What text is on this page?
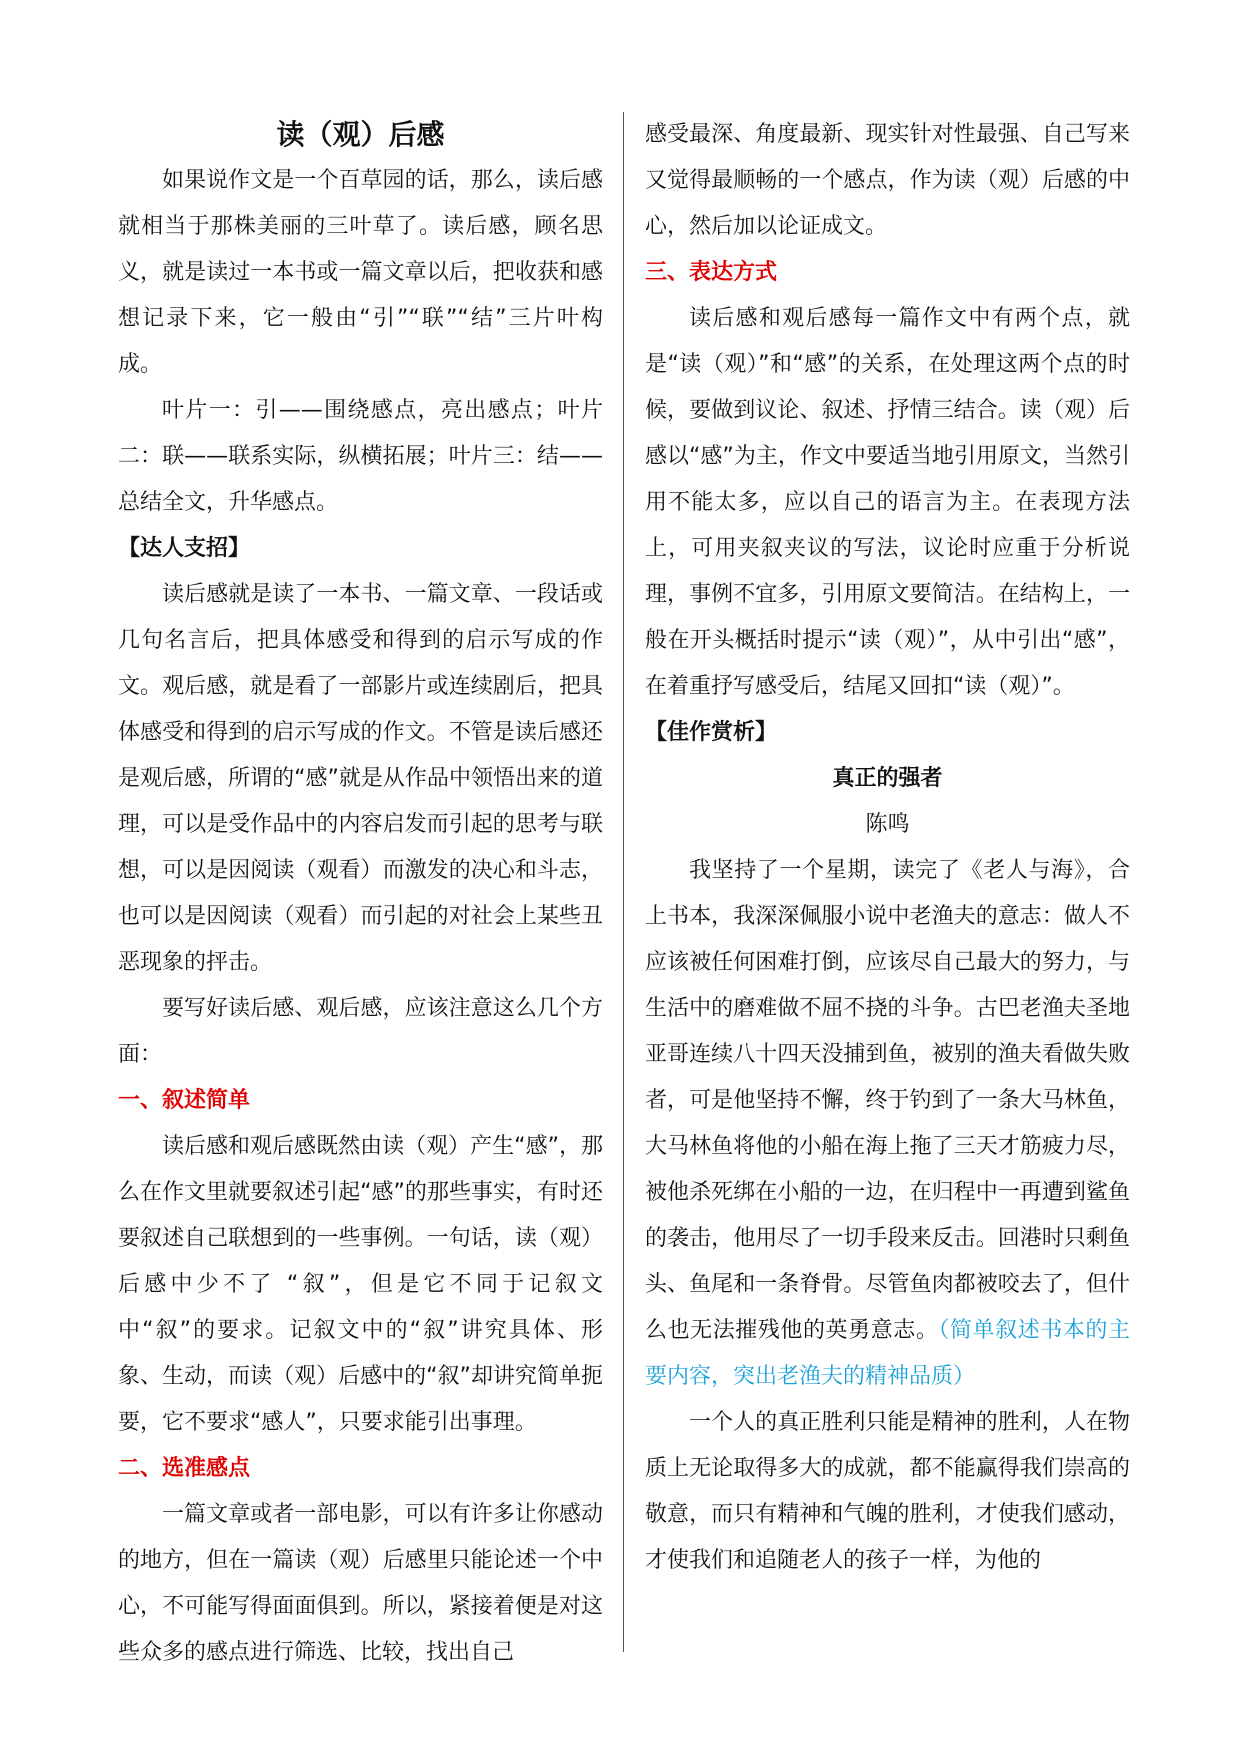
读（观）后感
如果说作文是一个百草园的话，那么，读后感就相当于那株美丽的三叶草了。读后感，顾名思义，就是读过一本书或一篇文章以后，把收获和感想记录下来，它一般由“引”“联”“结”三片叶构成。
叶片一：引——围绕感点，亮出感点；叶片二：联——联系实际，纵横拓展；叶片三：结——总结全文，升华感点。
【达人支招】
读后感就是读了一本书、一篇文章、一段话或几句名言后，把具体感受和得到的启示写成的作文。观后感，就是看了一部影片或连续剧后，把具体感受和得到的启示写成的作文。不管是读后感还是观后感，所谓的“感”就是从作品中领悟出来的道理，可以是受作品中的内容启发而引起的思考与联想，可以是因阅读（观看）而激发的决心和斗志，也可以是因阅读（观看）而引起的对社会上某些丑恶现象的抨击。
要写好读后感、观后感，应该注意这么几个方面：
一、叙述简单
读后感和观后感既然由读（观）产生“感”，那么在作文里就要叙述引起“感”的那些事实，有时还要叙述自己联想到的一些事例。一句话，读（观）后感中少不了 “叙”，但是它不同于记叙文中“叙”的要求。记叙文中的“叙”讲究具体、形象、生动，而读（观）后感中的“叙”却讲究简单扼要，它不要求“感人”，只要求能引出事理。
二、选准感点
一篇文章或者一部电影，可以有许多让你感动的地方，但在一篇读（观）后感里只能论述一个中心，不可能写得面面俱到。所以，紧接着便是对这些众多的感点进行筛选、比较，找出自己
感受最深、角度最新、现实针对性最强、自己写来又觉得最顺畅的一个感点，作为读（观）后感的中心，然后加以论证成文。
三、表达方式
读后感和观后感每一篇作文中有两个点，就是“读（观）”和“感”的关系，在处理这两个点的时候，要做到议论、叙述、抒情三结合。读（观）后感以“感”为主，作文中要适当地引用原文，当然引用不能太多，应以自己的语言为主。在表现方法上，可用夹叙夹议的写法，议论时应重于分析说理，事例不宜多，引用原文要简洁。在结构上，一般在开头概括时提示“读（观）”，从中引出“感”，在着重抒写感受后，结尾又回扣“读（观）”。
【佳作赏析】
真正的强者
陈鸣
我坚持了一个星期，读完了《老人与海》，合上书本，我深深佩服小说中老渔夫的意志：做人不应该被任何困难打倒，应该尽自己最大的努力，与生活中的磨难做不屈不挠的斗争。古巴老渔夫圣地亚哥连续八十四天没捕到鱼，被别的渔夫看做失败者，可是他坚持不懈，终于钓到了一条大马林鱼，大马林鱼将他的小船在海上拖了三天才筋疲力尽，被他杀死绑在小船的一边，在归程中一再遭到鲨鱼的袭击，他用尽了一切手段来反击。回港时只剩鱼头、鱼尾和一条脊骨。尽管鱼肉都被咬去了，但什么也无法摧残他的英勇意志。（简单叙述书本的主要内容，突出老渔夫的精神品质）
一个人的真正胜利只能是精神的胜利，人在物质上无论取得多大的成就，都不能赢得我们崇高的敬意，而只有精神和气魄的胜利，才使我们感动，才使我们和追随老人的孩子一样，为他的
